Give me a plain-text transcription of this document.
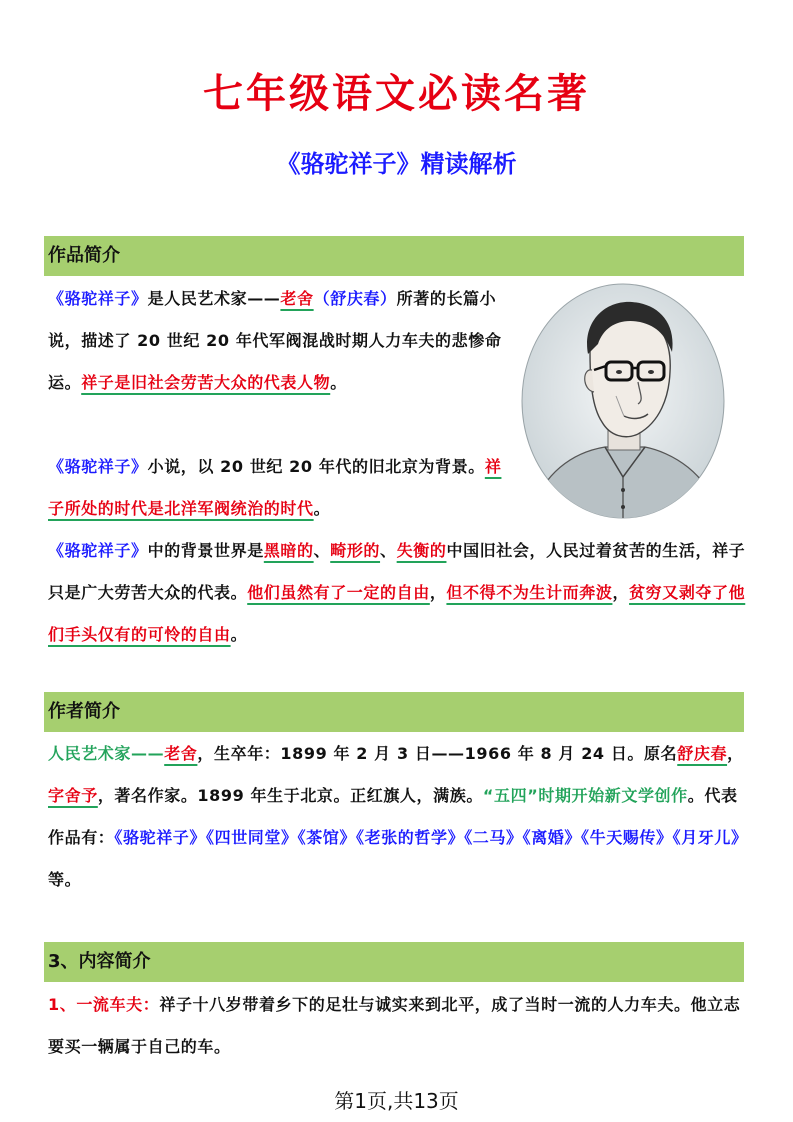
七年级语文必读名著
《骆驼祥子》精读解析
作品简介

《骆驼祥子》是人民艺术家——老舍（舒庆春）所著的长篇小说，描述了 20 世纪 20 年代军阀混战时期人力车夫的悲惨命运。祥子是旧社会劳苦大众的代表人物。

《骆驼祥子》小说，以 20 世纪 20 年代的旧北京为背景。祥子所处的时代是北洋军阀统治的时代。

《骆驼祥子》中的背景世界是黑暗的、畸形的、失衡的中国旧社会，人民过着贫苦的生活，祥子只是广大劳苦大众的代表。他们虽然有了一定的自由，但不得不为生计而奔波，贫穷又剥夺了他们手头仅有的可怜的自由。

作者简介

人民艺术家——老舍，生卒年：1899 年 2 月 3 日——1966 年 8 月 24 日。原名舒庆春，字舍予，著名作家。1899 年生于北京。正红旗人，满族。“五四”时期开始新文学创作。代表作品有：《骆驼祥子》《四世同堂》《茶馆》《老张的哲学》《二马》《离婚》《牛天赐传》《月牙儿》等。

3、内容简介

1、一流车夫：祥子十八岁带着乡下的足壮与诚实来到北平，成了当时一流的人力车夫。他立志要买一辆属于自己的车。

第1页,共13页
